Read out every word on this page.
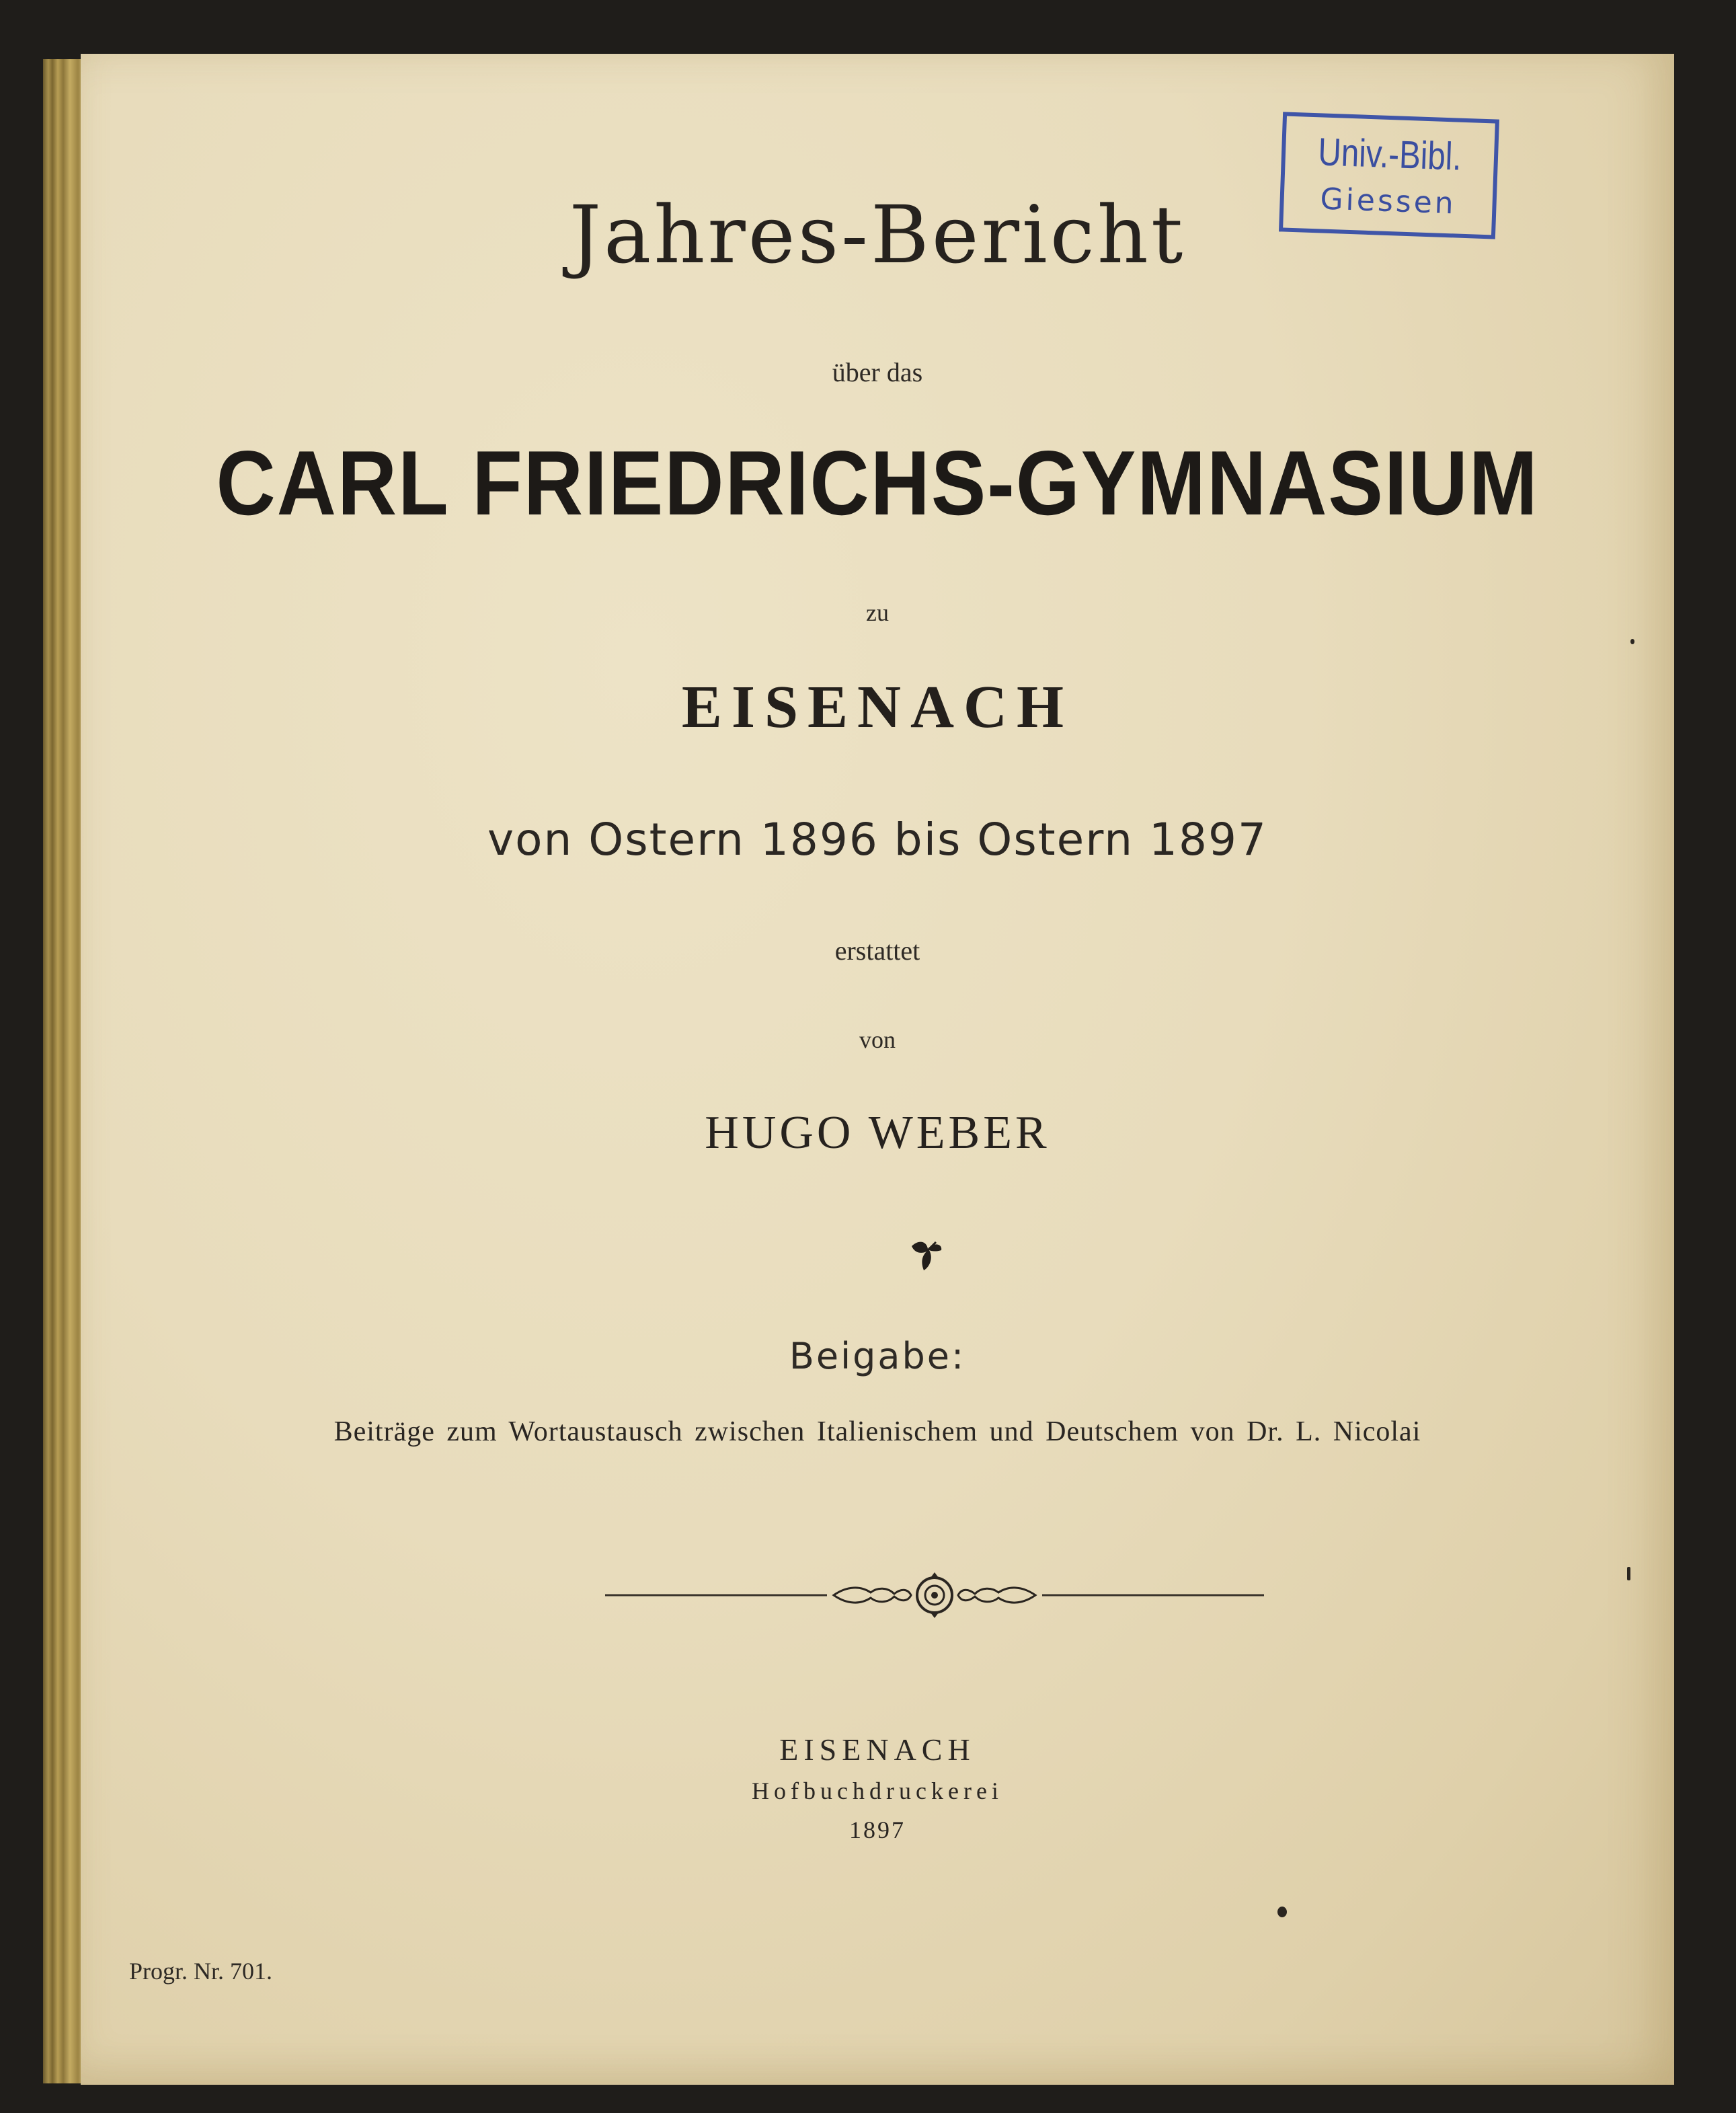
Jahres-Bericht
über das
CARL FRIEDRICHS-GYMNASIUM
zu
EISENACH
von Ostern 1896 bis Ostern 1897
erstattet
von
HUGO WEBER
Beigabe:
Beiträge zum Wortaustausch zwischen Italienischem und Deutschem von Dr. L. Nicolai
EISENACH
Hofbuchdruckerei
1897
Progr. Nr. 701.
Univ.-Bibl.
Giessen
